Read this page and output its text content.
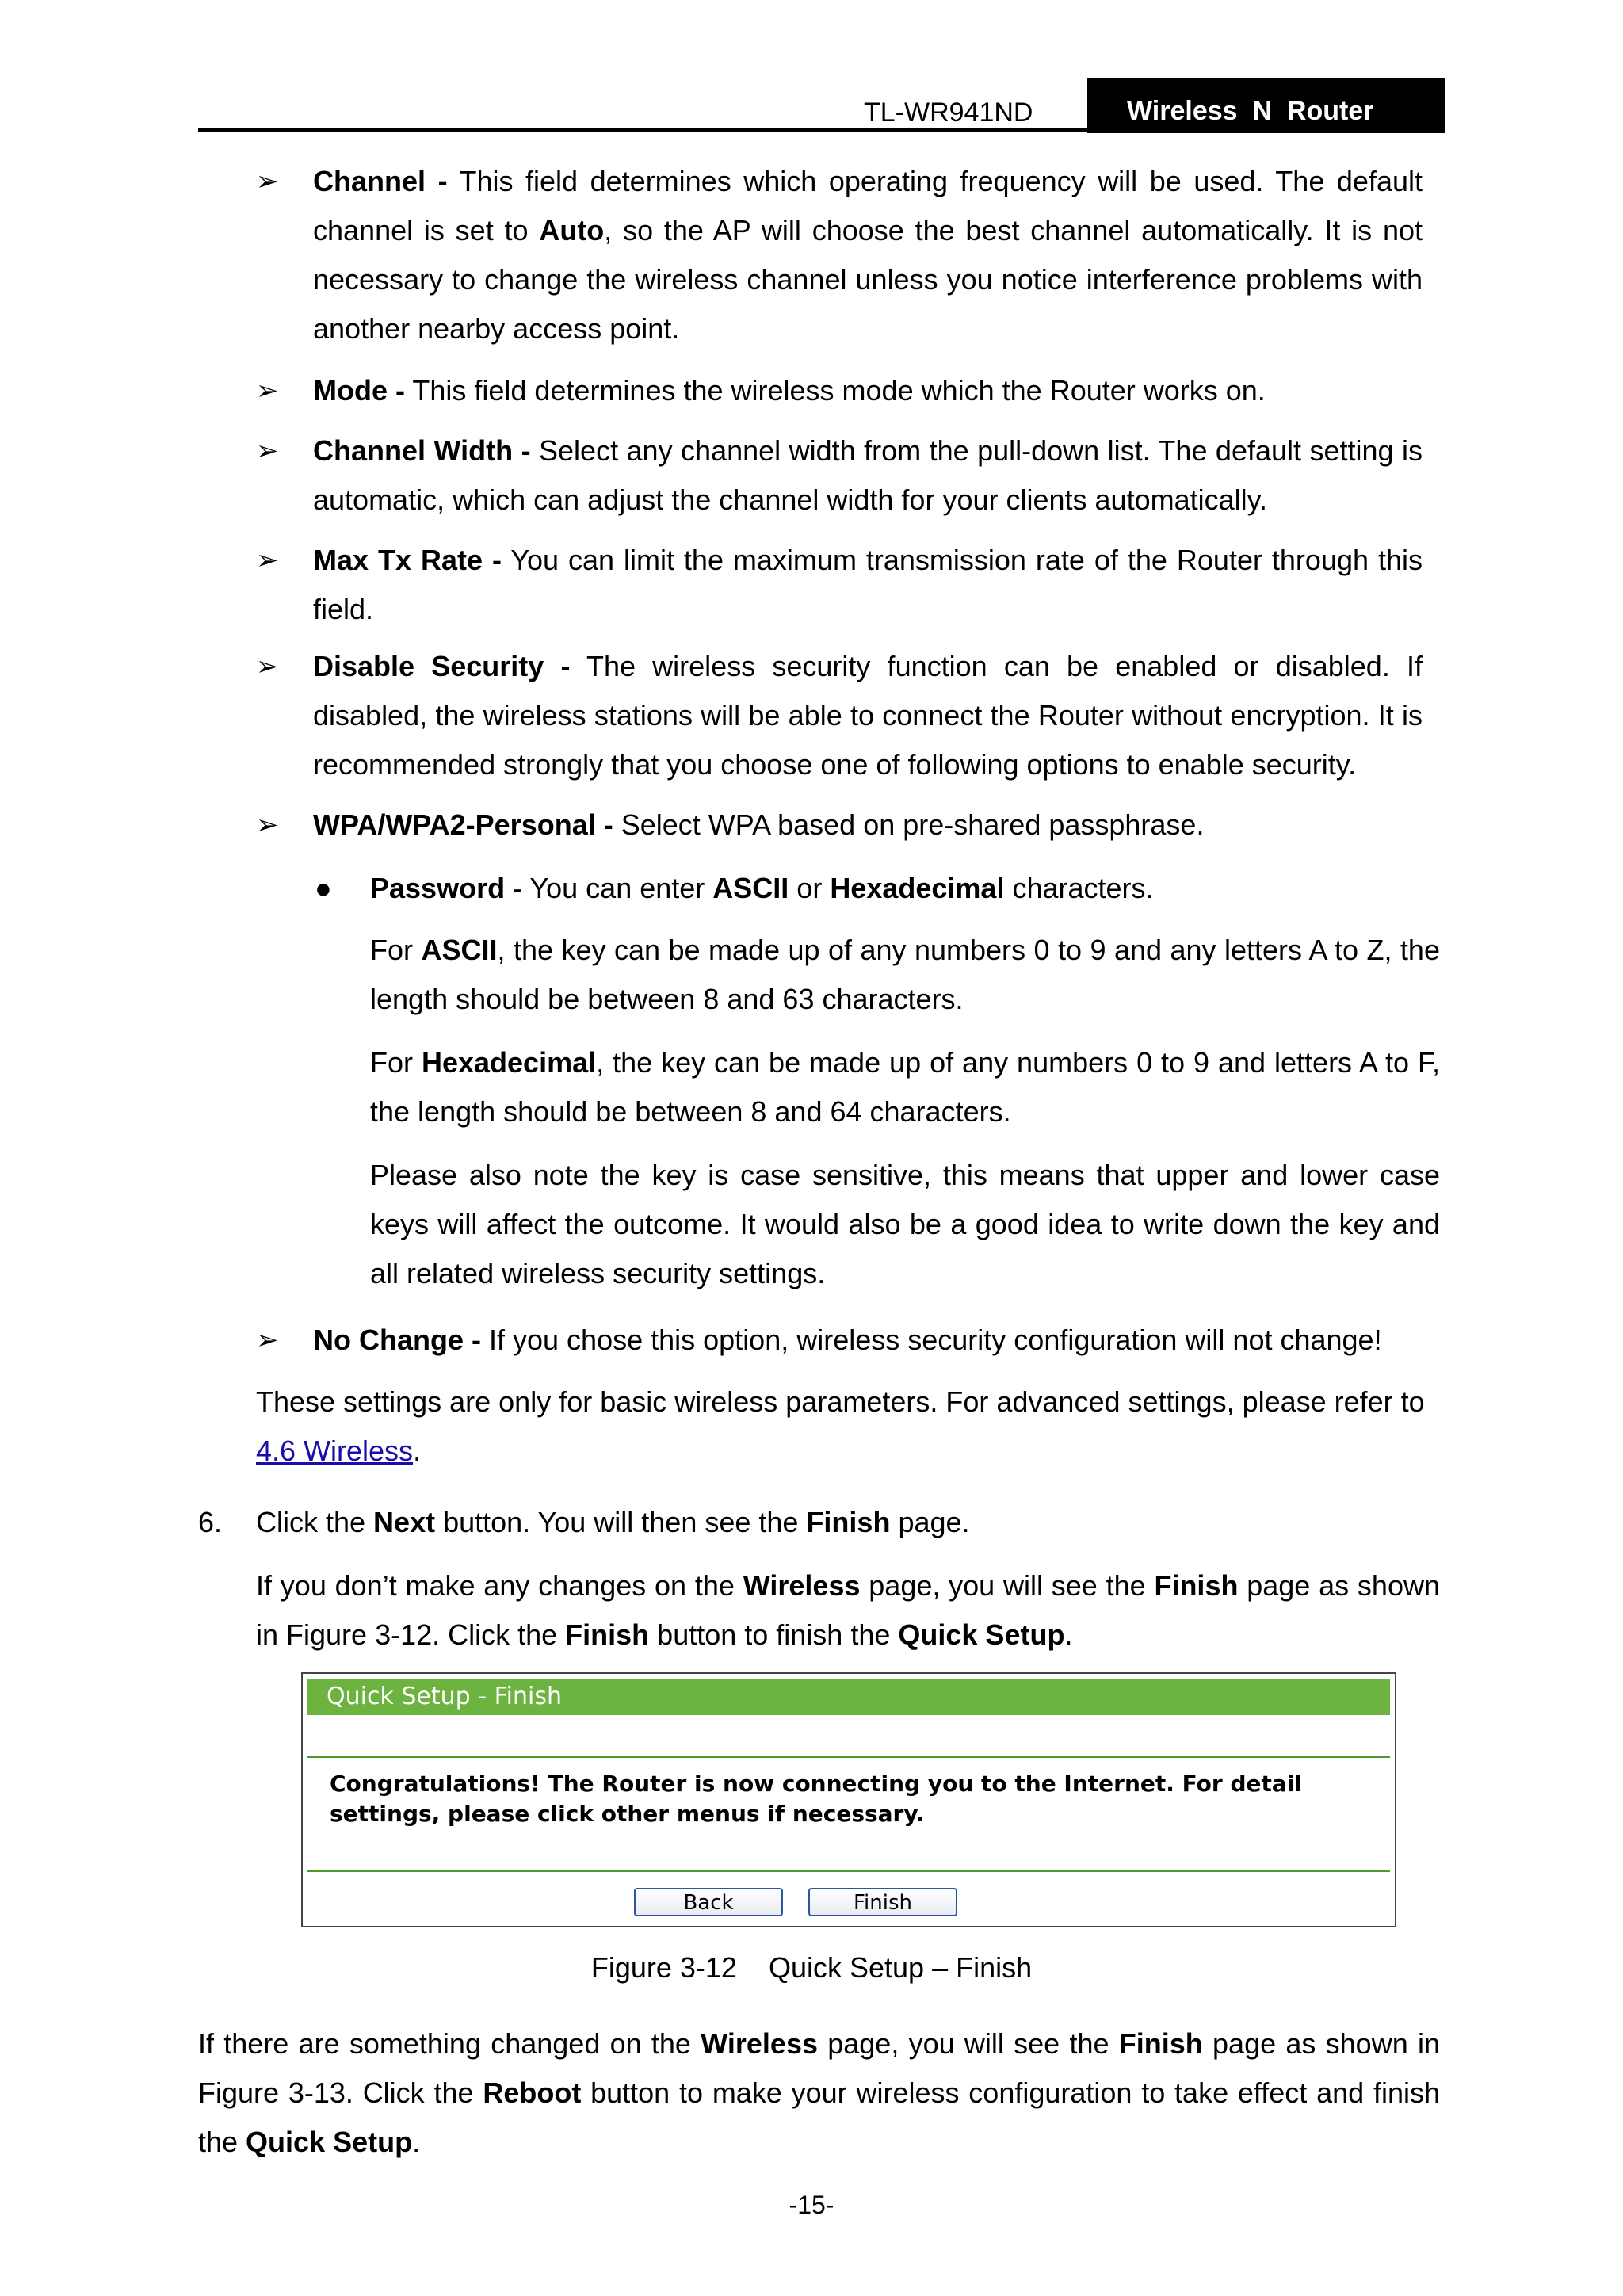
TL-WR941ND	Wireless  N  Router
➢ Channel - This field determines which operating frequency will be used. The default channel is set to Auto, so the AP will choose the best channel automatically. It is not necessary to change the wireless channel unless you notice interference problems with another nearby access point.
➢ Mode - This field determines the wireless mode which the Router works on.
➢ Channel Width - Select any channel width from the pull-down list. The default setting is automatic, which can adjust the channel width for your clients automatically.
➢ Max Tx Rate - You can limit the maximum transmission rate of the Router through this field.
➢ Disable Security - The wireless security function can be enabled or disabled. If disabled, the wireless stations will be able to connect the Router without encryption. It is recommended strongly that you choose one of following options to enable security.
➢ WPA/WPA2-Personal - Select WPA based on pre-shared passphrase.
● Password - You can enter ASCII or Hexadecimal characters.
For ASCII, the key can be made up of any numbers 0 to 9 and any letters A to Z, the length should be between 8 and 63 characters.
For Hexadecimal, the key can be made up of any numbers 0 to 9 and letters A to F, the length should be between 8 and 64 characters.
Please also note the key is case sensitive, this means that upper and lower case keys will affect the outcome. It would also be a good idea to write down the key and all related wireless security settings.
➢ No Change - If you chose this option, wireless security configuration will not change!
These settings are only for basic wireless parameters. For advanced settings, please refer to 4.6 Wireless.
6. Click the Next button. You will then see the Finish page.
If you don’t make any changes on the Wireless page, you will see the Finish page as shown in Figure 3-12. Click the Finish button to finish the Quick Setup.
Quick Setup - Finish
Congratulations! The Router is now connecting you to the Internet. For detail settings, please click other menus if necessary.
Back	Finish
Figure 3-12    Quick Setup – Finish
If there are something changed on the Wireless page, you will see the Finish page as shown in Figure 3-13. Click the Reboot button to make your wireless configuration to take effect and finish the Quick Setup.
-15-
